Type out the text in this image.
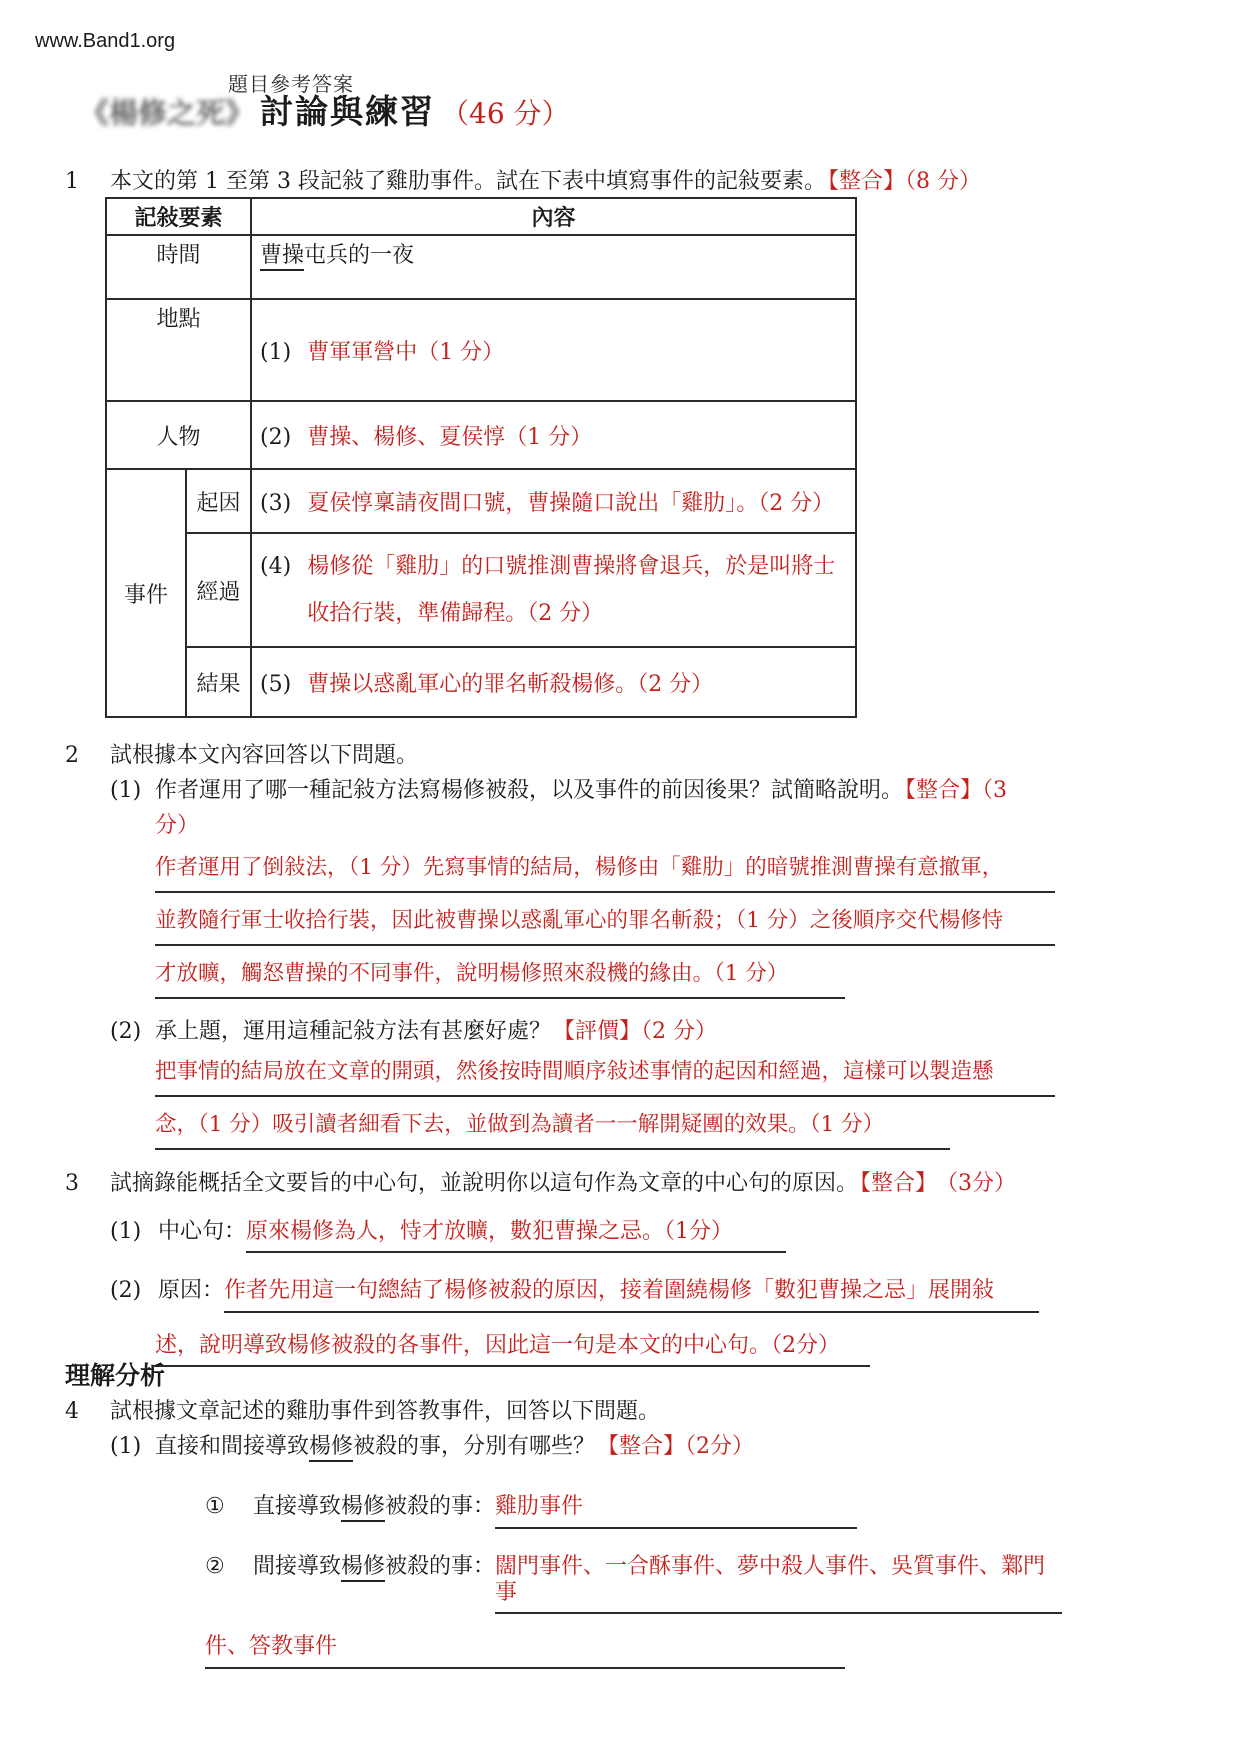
www.Band1.org
題目參考答案
《楊修之死》 討論與練習 （46 分）
1	本文的第 1 至第 3 段記敍了雞肋事件。試在下表中填寫事件的記敍要素。【整合】（8 分）
記敍要素		內容
時間		曹操屯兵的一夜
地點		(1) 曹軍軍營中（1 分）
人物		(2) 曹操、楊修、夏侯惇（1 分）
事件	起因	(3) 夏侯惇稟請夜間口號，曹操隨口說出「雞肋」。（2 分）
	經過	(4) 楊修從「雞肋」的口號推測曹操將會退兵，於是叫將士收拾行裝，準備歸程。（2 分）

	結果	(5) 曹操以惑亂軍心的罪名斬殺楊修。（2 分）
2	試根據本文內容回答以下問題。
(1) 作者運用了哪一種記敍方法寫楊修被殺，以及事件的前因後果？試簡略說明。【整合】（3
分）
作者運用了倒敍法，（1 分）先寫事情的結局，楊修由「雞肋」的暗號推測曹操有意撤軍，
並教隨行軍士收拾行裝，因此被曹操以惑亂軍心的罪名斬殺；（1 分）之後順序交代楊修恃
才放曠，觸怒曹操的不同事件，說明楊修照來殺機的緣由。（1 分）
(2) 承上題，運用這種記敍方法有甚麼好處？【評價】（2 分）
把事情的結局放在文章的開頭，然後按時間順序敍述事情的起因和經過，這樣可以製造懸
念，（1 分）吸引讀者細看下去，並做到為讀者一一解開疑團的效果。（1 分）
3	試摘錄能概括全文要旨的中心句，並說明你以這句作為文章的中心句的原因。【整合】 （3分）
(1) 中心句： 原來楊修為人，恃才放曠，數犯曹操之忌。（1分）
(2) 原因： 作者先用這一句總結了楊修被殺的原因，接着圍繞楊修「數犯曹操之忌」展開敍
述，說明導致楊修被殺的各事件，因此這一句是本文的中心句。（2分）
理解分析
4	試根據文章記述的雞肋事件到答教事件，回答以下問題。
(1) 直接和間接導致楊修被殺的事，分別有哪些？【整合】（2分）
①	直接導致楊修被殺的事： 雞肋事件
②	間接導致楊修被殺的事： 闊門事件、一合酥事件、夢中殺人事件、吳質事件、鄴門事
件、答教事件
